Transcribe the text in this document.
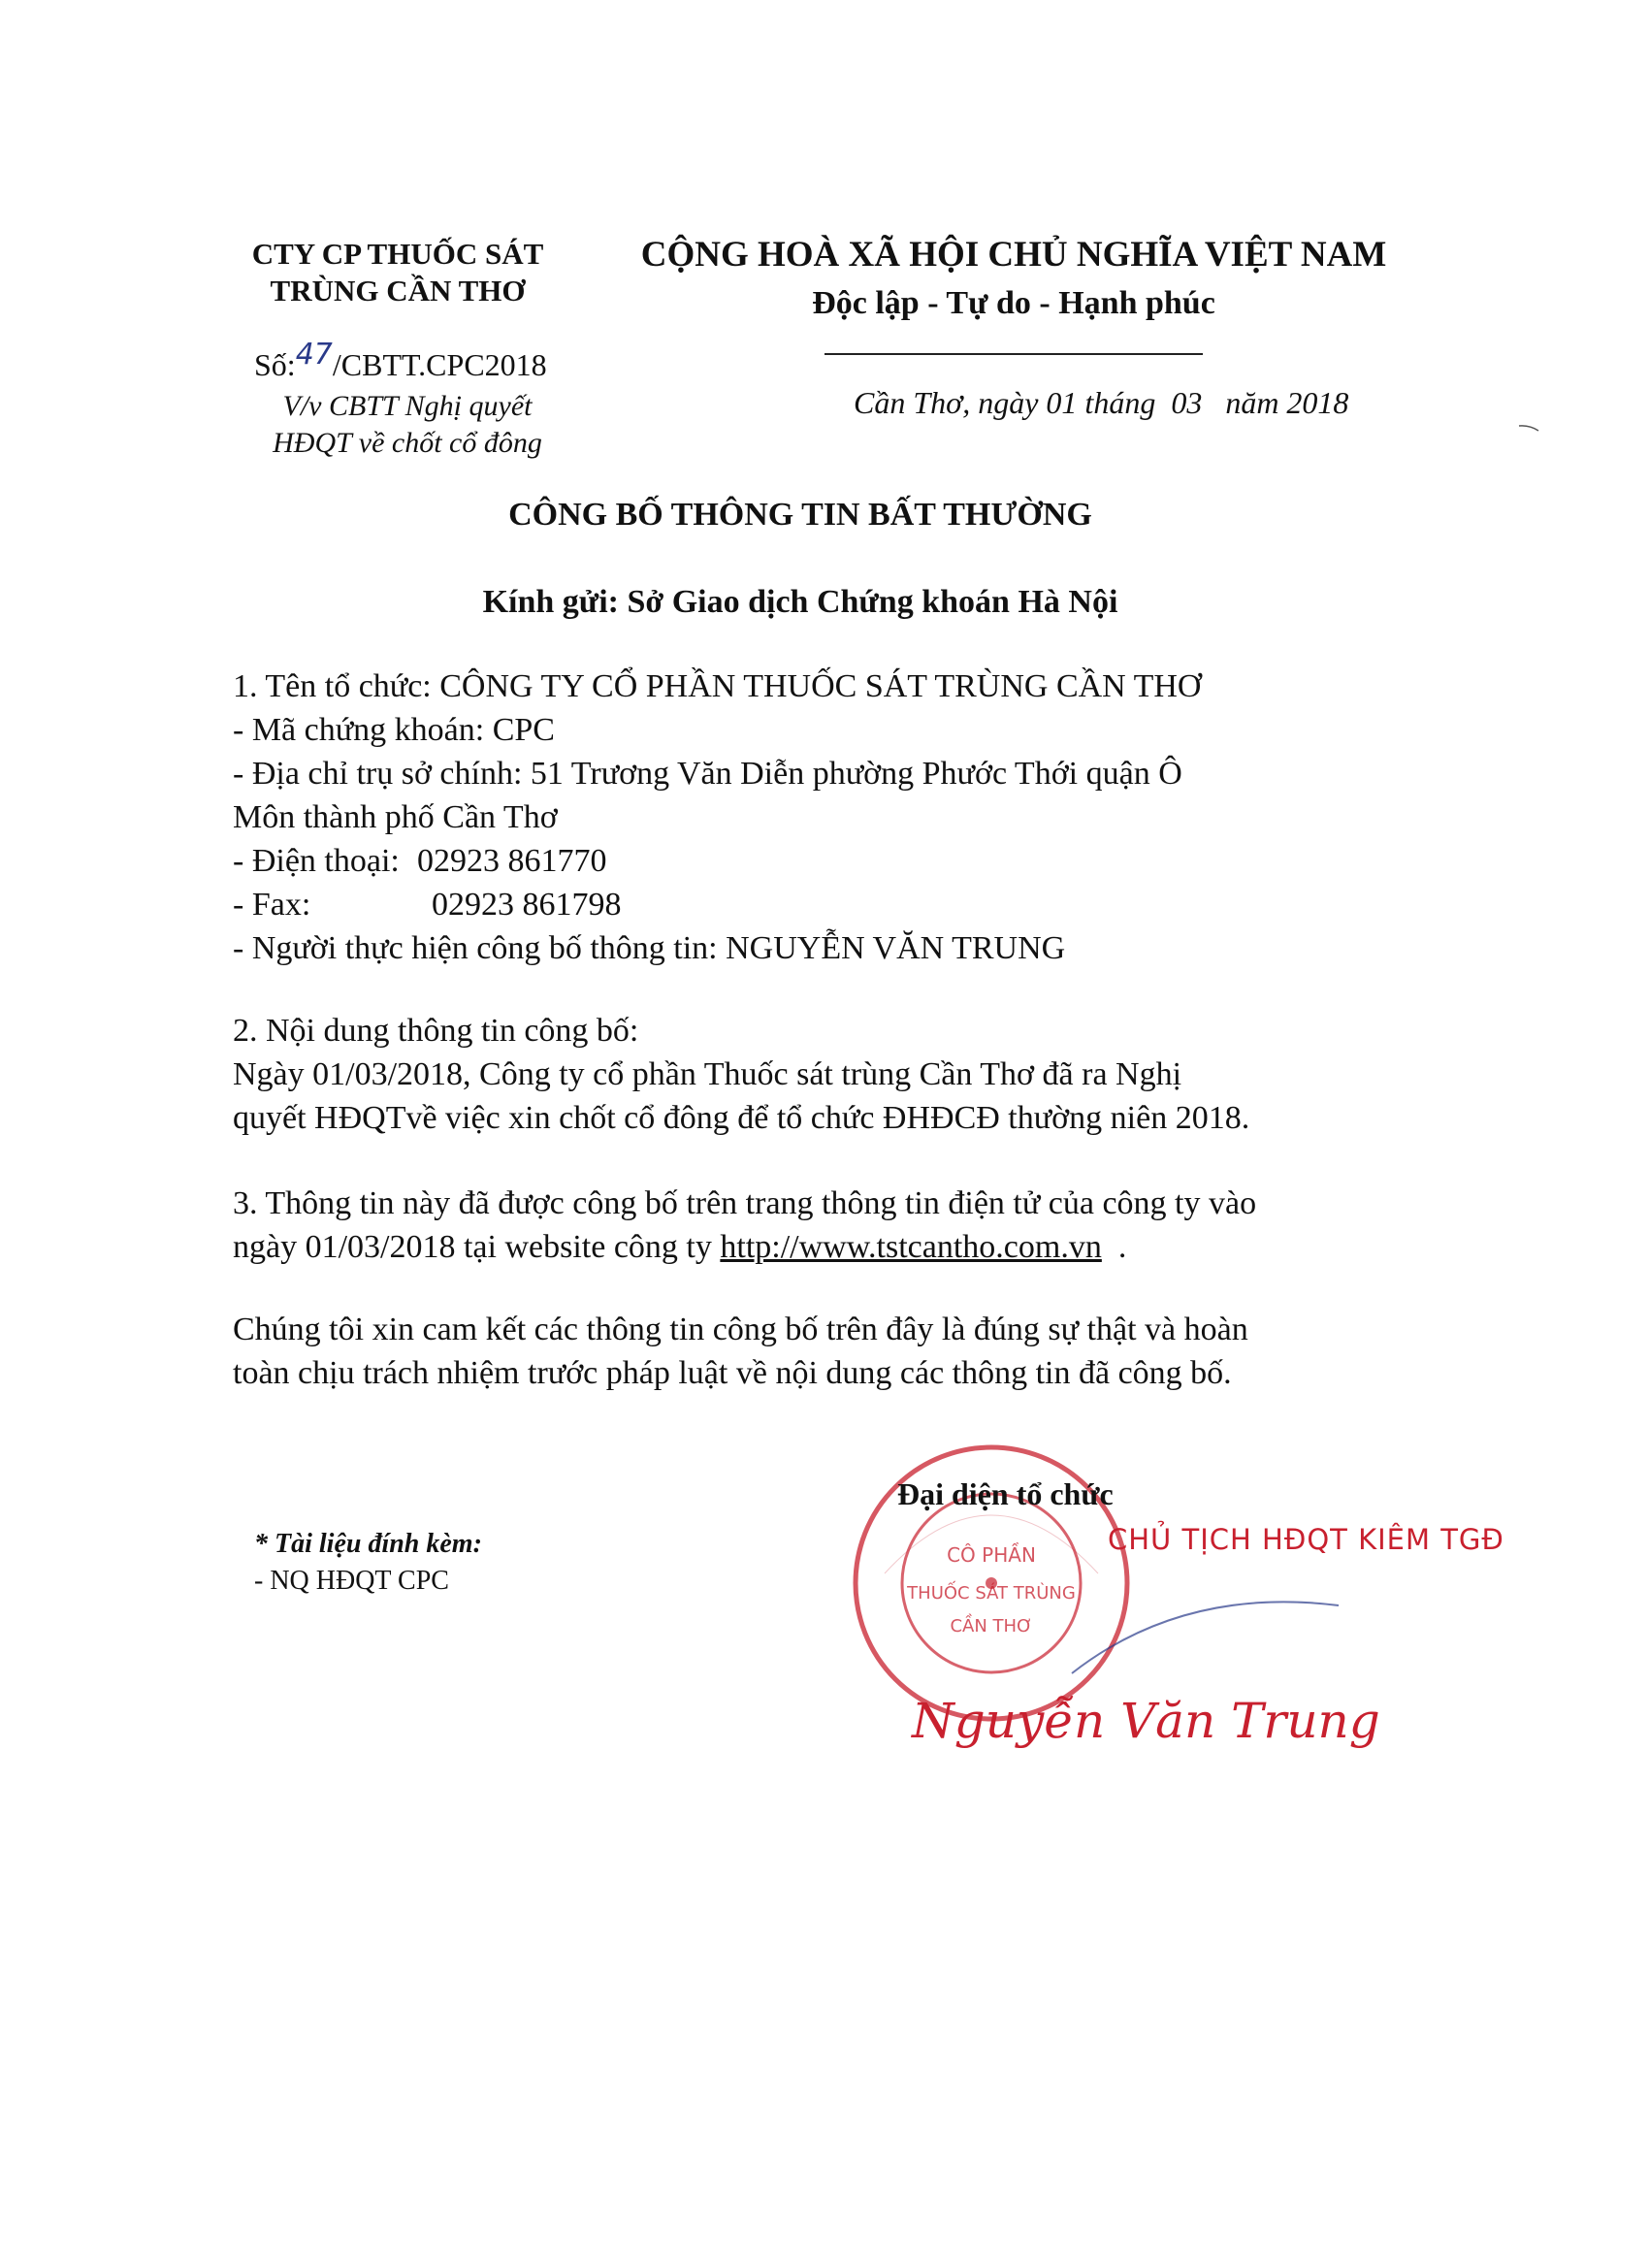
CTY CP THUỐC SÁT
TRÙNG CẦN THƠ
CỘNG HOÀ XÃ HỘI CHỦ NGHĨA VIỆT NAM
Độc lập - Tự do - Hạnh phúc
Số:47/CBTT.CPC2018
V/v CBTT Nghị quyết
HĐQT về chốt cổ đông
Cần Thơ, ngày 01 tháng  03   năm 2018
CÔNG BỐ THÔNG TIN BẤT THƯỜNG
Kính gửi: Sở Giao dịch Chứng khoán Hà Nội
1. Tên tổ chức: CÔNG TY CỔ PHẦN THUỐC SÁT TRÙNG CẦN THƠ
- Mã chứng khoán: CPC
- Địa chỉ trụ sở chính: 51 Trương Văn Diễn phường Phước Thới quận Ô
Môn thành phố Cần Thơ
- Điện thoại: 02923 861770
- Fax:	02923 861798
- Người thực hiện công bố thông tin: NGUYỄN VĂN TRUNG
2. Nội dung thông tin công bố:
Ngày 01/03/2018, Công ty cổ phần Thuốc sát trùng Cần Thơ đã ra Nghị
quyết HĐQTvề việc xin chốt cổ đông để tổ chức ĐHĐCĐ thường niên 2018.
3. Thông tin này đã được công bố trên trang thông tin điện tử của công ty vào
ngày 01/03/2018 tại website công ty http://www.tstcantho.com.vn  .
Chúng tôi xin cam kết các thông tin công bố trên đây là đúng sự thật và hoàn
toàn chịu trách nhiệm trước pháp luật về nội dung các thông tin đã công bố.
* Tài liệu đính kèm:
- NQ HĐQT CPC
CÔ PHẦN
THUỐC SÁT TRÙNG
CẦN THƠ
Đại diện tổ chức
CHỦ TỊCH HĐQT KIÊM TGĐ
Nguyễn Văn Trung
